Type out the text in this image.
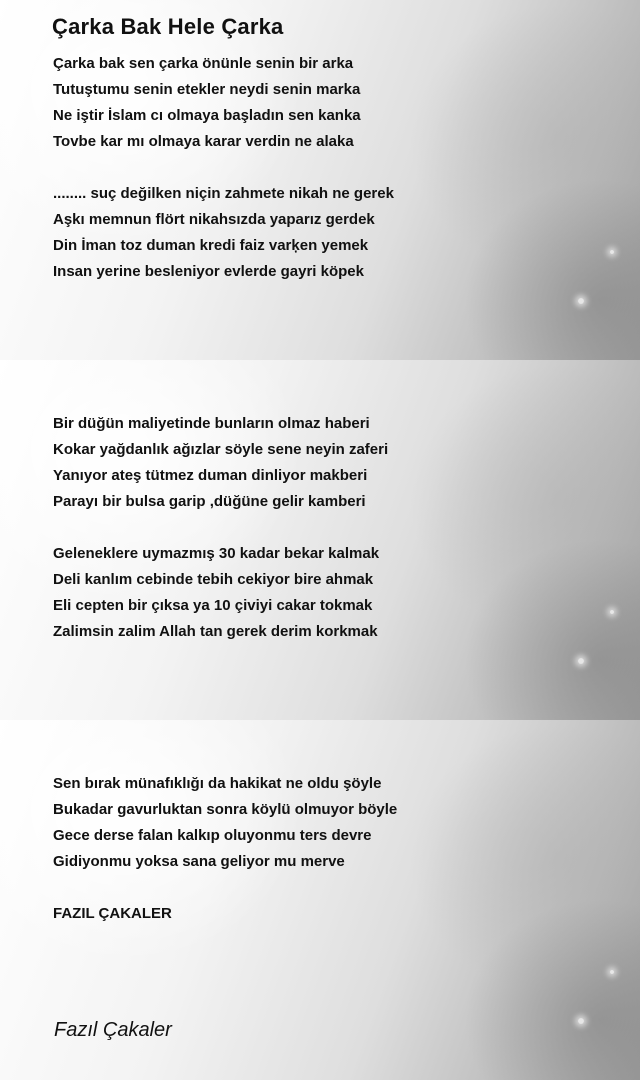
Çarka Bak Hele Çarka
Çarka bak sen çarka önünle senin bir arka
Tutuştumu senin etekler neydi senin marka
Ne iştir İslam cı olmaya başladın sen kanka
Tovbe kar mı olmaya karar verdin ne alaka
........ suç değilken niçin zahmete nikah ne gerek
Aşkı memnun flört nikahsızda yaparız gerdek
Din İman toz duman kredi faiz varķen yemek
Insan yerine besleniyor evlerde gayri köpek
Bir düğün maliyetinde bunların olmaz haberi
Kokar yağdanlık ağızlar söyle sene neyin zaferi
Yanıyor ateş tütmez duman dinliyor makberi
Parayı bir bulsa garip ,düğüne gelir kamberi
Geleneklere uymazmış 30 kadar bekar kalmak
Deli kanlım cebinde tebih cekiyor bire ahmak
Eli cepten bir çıksa ya 10 çiviyi cakar tokmak
Zalimsin zalim Allah tan gerek derim korkmak
Sen bırak münafıklığı da hakikat ne oldu şöyle
Bukadar gavurluktan sonra köylü olmuyor böyle
Gece derse falan kalkıp oluyonmu ters devre
Gidiyonmu yoksa sana geliyor mu merve
FAZIL ÇAKALER
Fazıl Çakaler
